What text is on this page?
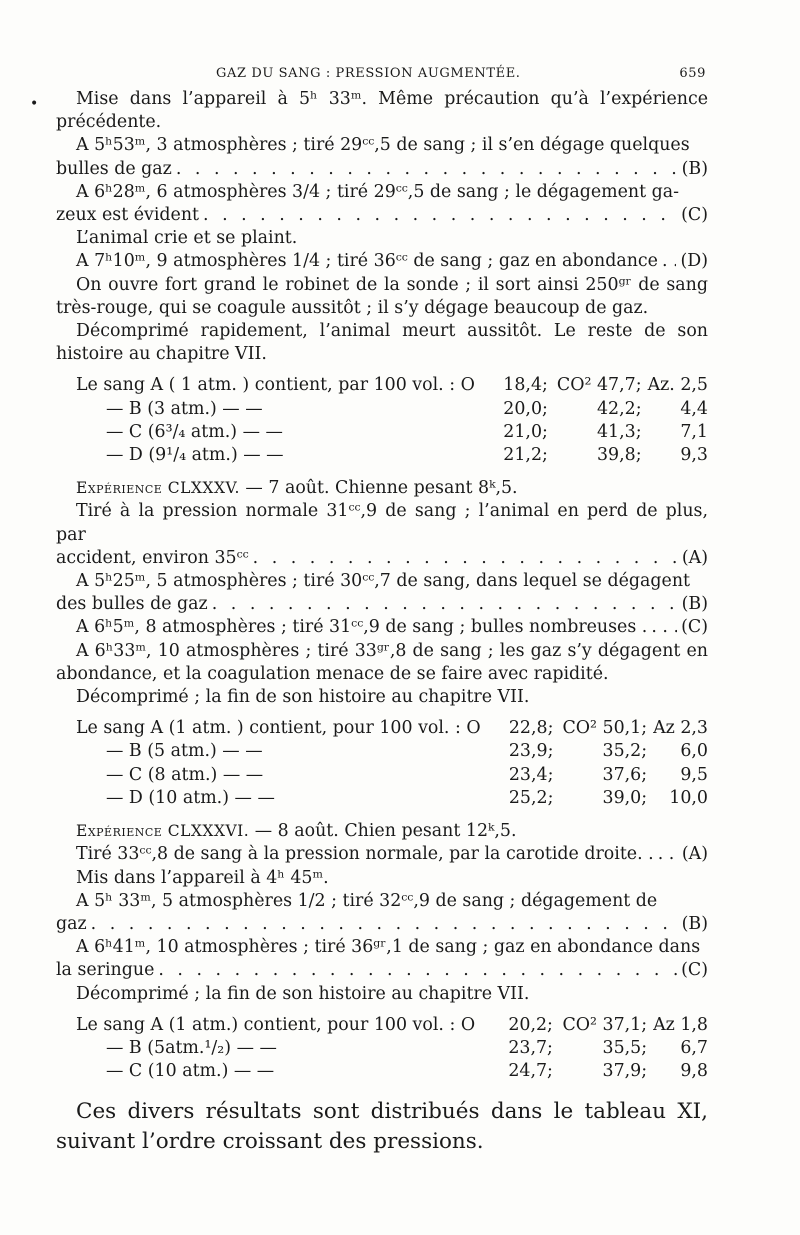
•
GAZ DU SANG : PRESSION AUGMENTÉE.	659

Mise dans l’appareil à 5ʰ 33ᵐ. Même précaution qu’à l’expérience précédente.

A 5ʰ53ᵐ, 3 atmosphères ; tiré 29ᶜᶜ,5 de sang ; il s’en dégage quelques

bulles de gaz . . .	(B)

A 6ʰ28ᵐ, 6 atmosphères 3/4 ; tiré 29ᶜᶜ,5 de sang ; le dégagement ga-

zeux est évident . . .	(C)

L’animal crie et se plaint.

A 7ʰ10ᵐ, 9 atmosphères 1/4 ; tiré 36ᶜᶜ de sang ; gaz en abondance . . . (D)

On ouvre fort grand le robinet de la sonde ; il sort ainsi 250ᵍʳ de sang très-rouge, qui se coagule aussitôt ; il s’y dégage beaucoup de gaz.

Décomprimé rapidement, l’animal meurt aussitôt. Le reste de son histoire au chapitre VII.

Le sang A ( 1 atm. ) contient, par 100 vol. : O	18,4;	CO² 47,7;	Az. 2,5
— B (3 atm.) — —	20,0;	42,2;	4,4
— C (6³/₄ atm.) — —	21,0;	41,3;	7,1
— D (9¹/₄ atm.) — —	21,2;	39,8;	9,3

Expérience CLXXXV. — 7 août. Chienne pesant 8ᵏ,5.

Tiré à la pression normale 31ᶜᶜ,9 de sang ; l’animal en perd de plus, par

accident, environ 35ᶜᶜ . . .	(A)

A 5ʰ25ᵐ, 5 atmosphères ; tiré 30ᶜᶜ,7 de sang, dans lequel se dégagent

des bulles de gaz . . .	(B)
A 6ʰ5ᵐ, 8 atmosphères ; tiré 31ᶜᶜ,9 de sang ; bulles nombreuses . . . . (C)

A 6ʰ33ᵐ, 10 atmosphères ; tiré 33ᵍʳ,8 de sang ; les gaz s’y dégagent en abondance, et la coagulation menace de se faire avec rapidité.

Décomprimé ; la fin de son histoire au chapitre VII.

Le sang A (1 atm. ) contient, pour 100 vol. : O	22,8;	CO² 50,1;	Az 2,3
— B (5 atm.) — —	23,9;	35,2;	6,0
— C (8 atm.) — —	23,4;	37,6;	9,5
— D (10 atm.) — —	25,2;	39,0;	10,0

Expérience CLXXXVI. — 8 août. Chien pesant 12ᵏ,5.

Tiré 33ᶜᶜ,8 de sang à la pression normale, par la carotide droite. . . . . (A)

Mis dans l’appareil à 4ʰ 45ᵐ.

A 5ʰ 33ᵐ, 5 atmosphères 1/2 ; tiré 32ᶜᶜ,9 de sang ; dégagement de

gaz . . .	(B)

A 6ʰ41ᵐ, 10 atmosphères ; tiré 36ᵍʳ,1 de sang ; gaz en abondance dans

la seringue . . .	(C)

Décomprimé ; la fin de son histoire au chapitre VII.

Le sang A (1 atm.) contient, pour 100 vol. : O	20,2;	CO² 37,1;	Az 1,8
— B (5atm.¹/₂) — —	23,7;	35,5;	6,7
— C (10 atm.) — —	24,7;	37,9;	9,8

Ces divers résultats sont distribués dans le tableau XI, suivant l’ordre croissant des pressions.
